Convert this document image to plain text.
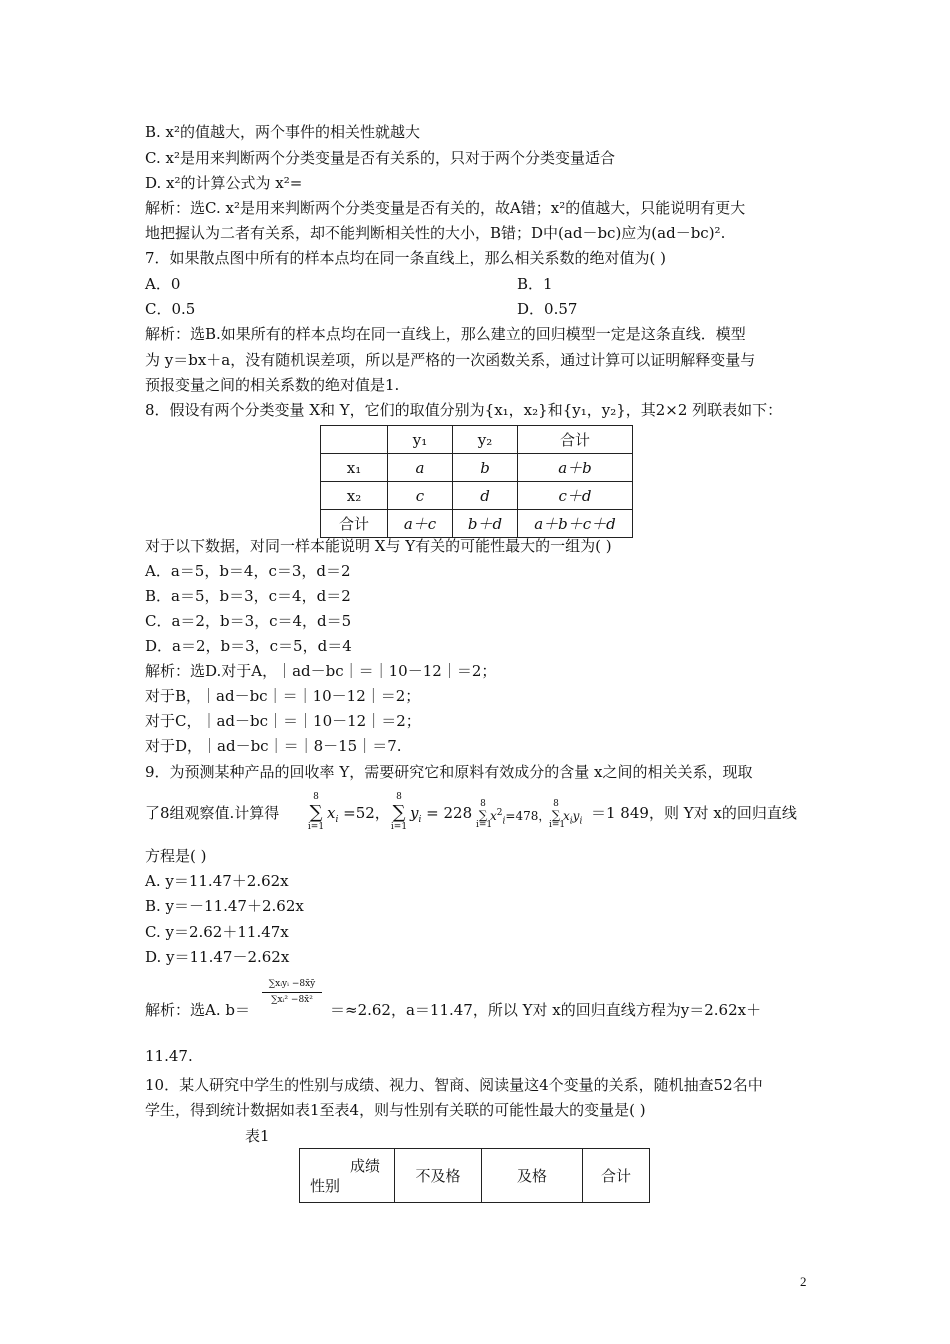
B. x²的值越大，两个事件的相关性就越大
C. x²是用来判断两个分类变量是否有关系的，只对于两个分类变量适合
D. x²的计算公式为 x²=
解析：选C. x²是用来判断两个分类变量是否有关的，故A错；x²的值越大，只能说明有更大
地把握认为二者有关系，却不能判断相关性的大小，B错；D中(ad－bc)应为(ad－bc)².
7．如果散点图中所有的样本点均在同一条直线上，那么相关系数的绝对值为( )
A．0	B．1
C．0.5	D．0.57
解析：选B.如果所有的样本点均在同一直线上，那么建立的回归模型一定是这条直线．模型
为 y＝bx＋a，没有随机误差项，所以是严格的一次函数关系，通过计算可以证明解释变量与
预报变量之间的相关系数的绝对值是1.
8．假设有两个分类变量 X和 Y，它们的取值分别为{x₁，x₂}和{y₁，y₂}，其2×2 列联表如下：
	y₁	y₂	合计
x₁	a	b	a＋b
x₂	c	d	c＋d
合计	a＋c	b＋d	a＋b＋c＋d
对于以下数据，对同一样本能说明 X与 Y有关的可能性最大的一组为( )
A．a＝5，b＝4，c＝3，d＝2
B．a＝5，b＝3，c＝4，d＝2
C．a＝2，b＝3，c＝4，d＝5
D．a＝2，b＝3，c＝5，d＝4
解析：选D.对于A，｜ad－bc｜＝｜10－12｜＝2；
对于B，｜ad－bc｜＝｜10－12｜＝2；
对于C，｜ad－bc｜＝｜10－12｜＝2；
对于D，｜ad－bc｜＝｜8－15｜＝7.
9．为预测某种产品的回收率 Y，需要研究它和原料有效成分的含量 x之间的相关关系，现取
了8组观察值.计算得
8
∑
i=1
$x_i =52$，
8
∑
i=1
$y_i = 228$ 8
∑
i=1
$x^2_i=478$，
8
∑
i=1
$x_iy_i =1$ 849，则 Y对 x的回归直线
方程是( )
A. y＝11.47＋2.62x
B. y＝－11.47＋2.62x
C. y＝2.62＋11.47x
D. y＝11.47－2.62x
解析：选A. b＝
∑xᵢyᵢ −8x̄ȳ
∑xᵢ² −8x̄²
＝≈2.62，a＝11.47，所以 Y对 x的回归直线方程为y＝2.62x＋
11.47.
10．某人研究中学生的性别与成绩、视力、智商、阅读量这4个变量的关系，随机抽查52名中
学生，得到统计数据如表1至表4，则与性别有关联的可能性最大的变量是( )
表1
成绩
性别
	不及格	及格	合计
2
